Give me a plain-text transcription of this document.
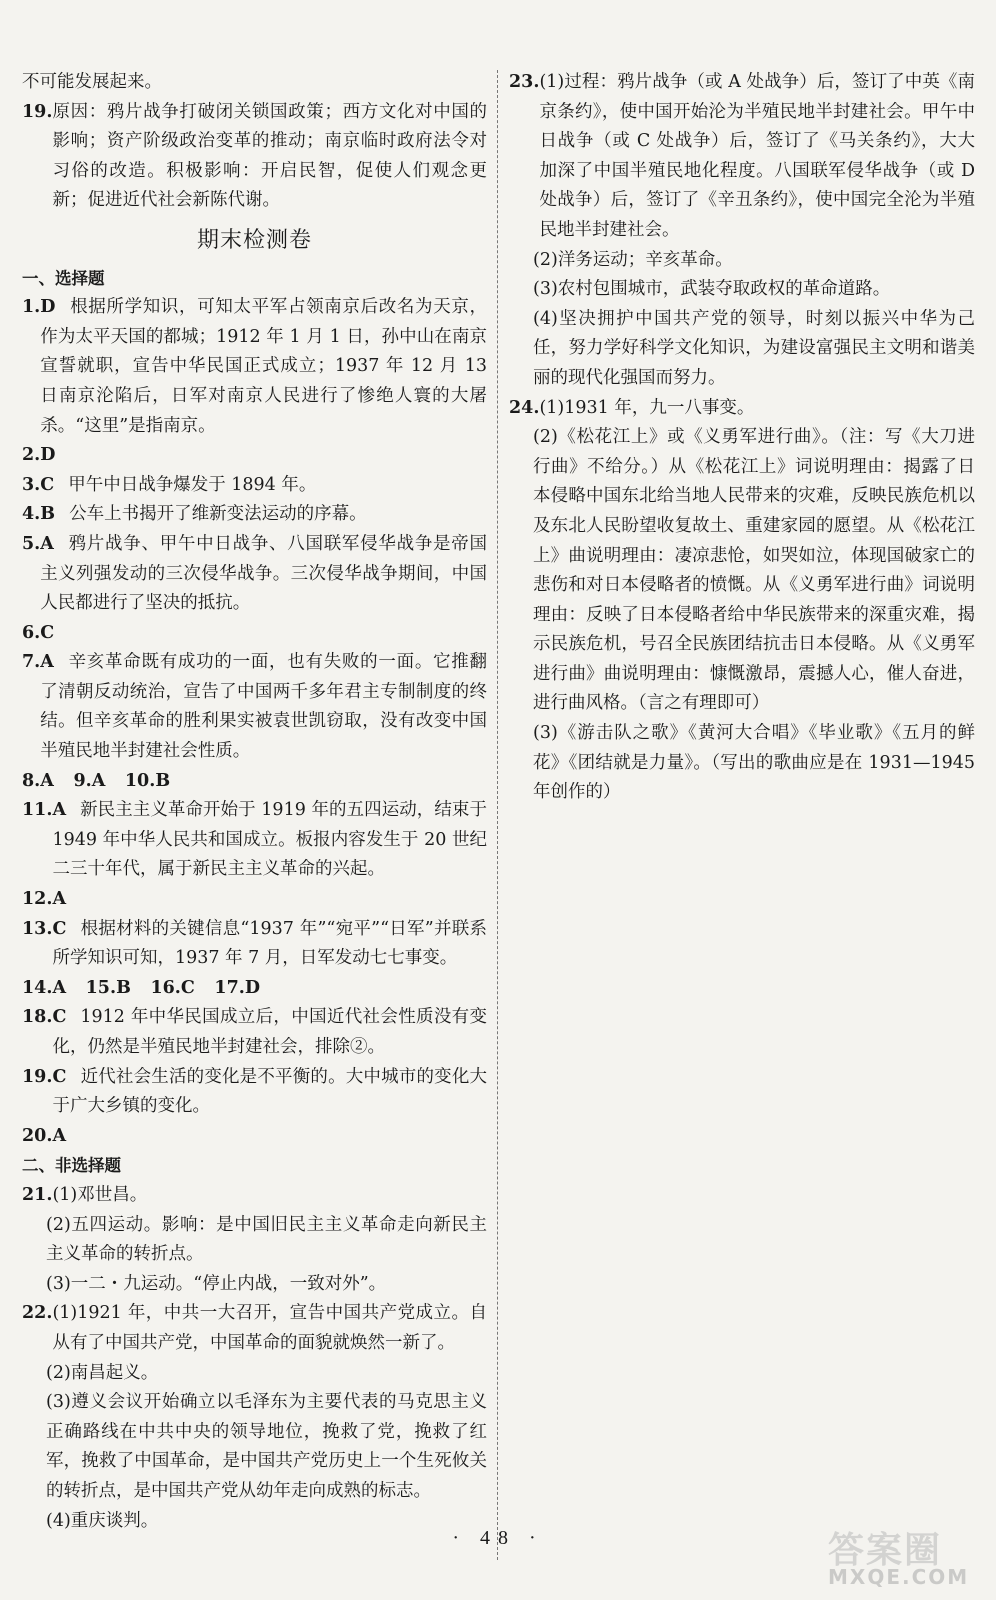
不可能发展起来。

19. 原因：鸦片战争打破闭关锁国政策；西方文化对中国的影响；资产阶级政治变革的推动；南京临时政府法令对习俗的改造。积极影响：开启民智，促使人们观念更新；促进近代社会新陈代谢。
期末检测卷
一、选择题
1. D 根据所学知识，可知太平军占领南京后改名为天京，作为太平天国的都城；1912 年 1 月 1 日，孙中山在南京宣誓就职，宣告中华民国正式成立；1937 年 12 月 13 日南京沦陷后，日军对南京人民进行了惨绝人寰的大屠杀。“这里”是指南京。
2. D
3. C 甲午中日战争爆发于 1894 年。
4. B 公车上书揭开了维新变法运动的序幕。
5. A 鸦片战争、甲午中日战争、八国联军侵华战争是帝国主义列强发动的三次侵华战争。三次侵华战争期间，中国人民都进行了坚决的抵抗。
6. C
7. A 辛亥革命既有成功的一面，也有失败的一面。它推翻了清朝反动统治，宣告了中国两千多年君主专制制度的终结。但辛亥革命的胜利果实被袁世凯窃取，没有改变中国半殖民地半封建社会性质。
8.A 9.A 10.B
11. A 新民主主义革命开始于 1919 年的五四运动，结束于 1949 年中华人民共和国成立。板报内容发生于 20 世纪二三十年代，属于新民主主义革命的兴起。
12. A
13. C 根据材料的关键信息“1937 年”“宛平”“日军”并联系所学知识可知，1937 年 7 月，日军发动七七事变。
14.A 15.B 16.C 17.D
18. C 1912 年中华民国成立后，中国近代社会性质没有变化，仍然是半殖民地半封建社会，排除②。
19. C 近代社会生活的变化是不平衡的。大中城市的变化大于广大乡镇的变化。
20. A
二、非选择题
21. (1)邓世昌。
(2)五四运动。影响：是中国旧民主主义革命走向新民主主义革命的转折点。
(3)一二・九运动。“停止内战，一致对外”。
22. (1)1921 年，中共一大召开，宣告中国共产党成立。自从有了中国共产党，中国革命的面貌就焕然一新了。
(2)南昌起义。
(3)遵义会议开始确立以毛泽东为主要代表的马克思主义正确路线在中共中央的领导地位，挽救了党，挽救了红军，挽救了中国革命，是中国共产党历史上一个生死攸关的转折点，是中国共产党从幼年走向成熟的标志。
(4)重庆谈判。
23. (1)过程：鸦片战争（或 A 处战争）后，签订了中英《南京条约》，使中国开始沦为半殖民地半封建社会。甲午中日战争（或 C 处战争）后，签订了《马关条约》，大大加深了中国半殖民地化程度。八国联军侵华战争（或 D 处战争）后，签订了《辛丑条约》，使中国完全沦为半殖民地半封建社会。
(2)洋务运动；辛亥革命。
(3)农村包围城市，武装夺取政权的革命道路。
(4)坚决拥护中国共产党的领导，时刻以振兴中华为己任，努力学好科学文化知识，为建设富强民主文明和谐美丽的现代化强国而努力。
24. (1)1931 年，九一八事变。
(2)《松花江上》或《义勇军进行曲》。（注：写《大刀进行曲》不给分。）从《松花江上》词说明理由：揭露了日本侵略中国东北给当地人民带来的灾难，反映民族危机以及东北人民盼望收复故土、重建家园的愿望。从《松花江上》曲说明理由：凄凉悲怆，如哭如泣，体现国破家亡的悲伤和对日本侵略者的愤慨。从《义勇军进行曲》词说明理由：反映了日本侵略者给中华民族带来的深重灾难，揭示民族危机，号召全民族团结抗击日本侵略。从《义勇军进行曲》曲说明理由：慷慨激昂，震撼人心，催人奋进，进行曲风格。（言之有理即可）
(3)《游击队之歌》《黄河大合唱》《毕业歌》《五月的鲜花》《团结就是力量》。（写出的歌曲应是在 1931—1945 年创作的）
· 48 ·	答案圈
MXQE.COM
